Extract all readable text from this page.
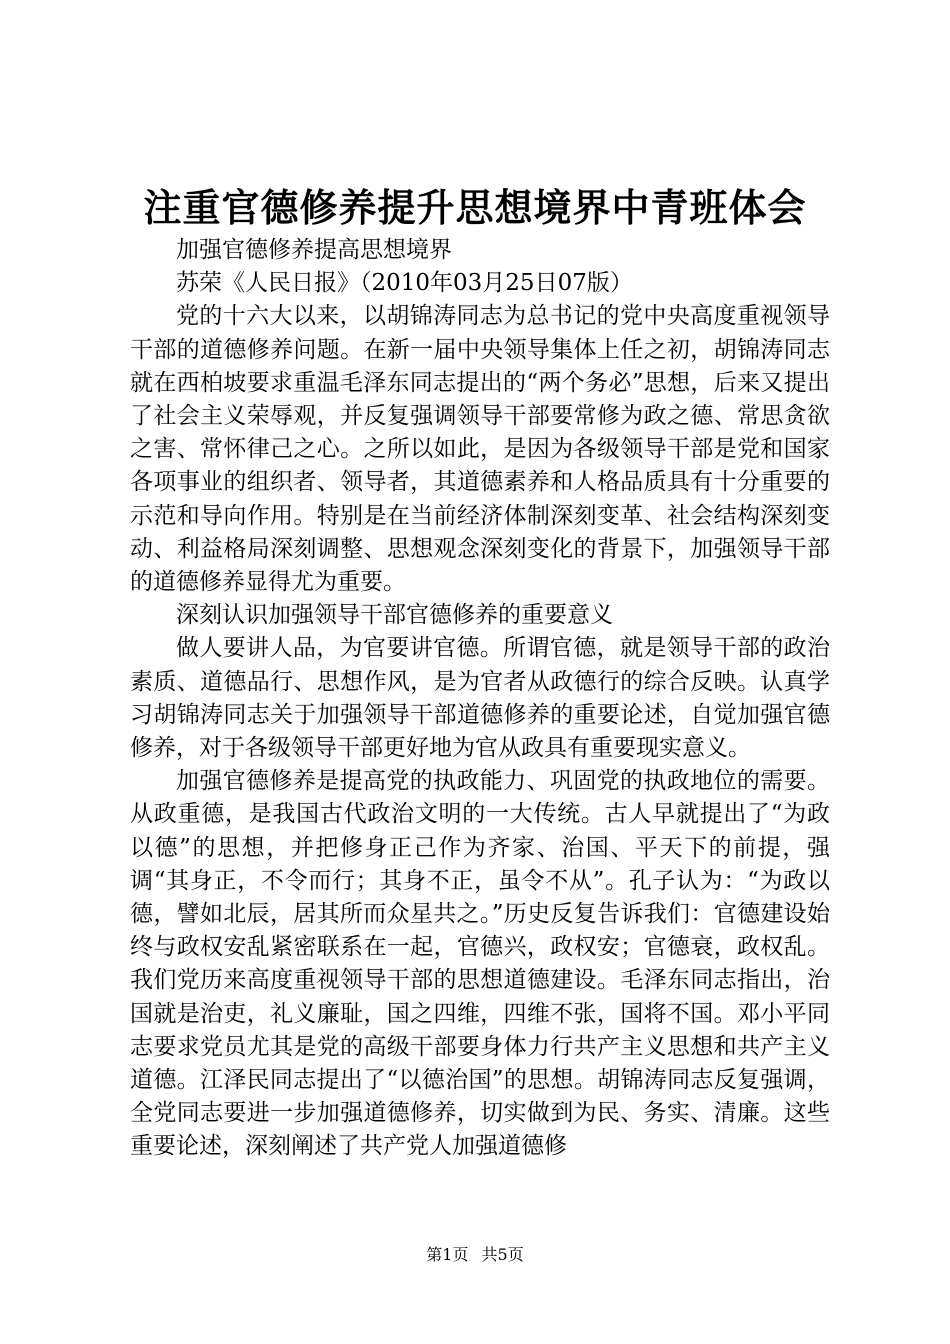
注重官德修养提升思想境界中青班体会

加强官德修养提高思想境界

苏荣《人民日报》（2010年03月25日07版）

党的十六大以来，以胡锦涛同志为总书记的党中央高度重视领导干部的道德修养问题。在新一届中央领导集体上任之初，胡锦涛同志就在西柏坡要求重温毛泽东同志提出的“两个务必”思想，后来又提出了社会主义荣辱观，并反复强调领导干部要常修为政之德、常思贪欲之害、常怀律己之心。之所以如此，是因为各级领导干部是党和国家各项事业的组织者、领导者，其道德素养和人格品质具有十分重要的示范和导向作用。特别是在当前经济体制深刻变革、社会结构深刻变动、利益格局深刻调整、思想观念深刻变化的背景下，加强领导干部的道德修养显得尤为重要。

深刻认识加强领导干部官德修养的重要意义

做人要讲人品，为官要讲官德。所谓官德，就是领导干部的政治素质、道德品行、思想作风，是为官者从政德行的综合反映。认真学习胡锦涛同志关于加强领导干部道德修养的重要论述，自觉加强官德修养，对于各级领导干部更好地为官从政具有重要现实意义。

加强官德修养是提高党的执政能力、巩固党的执政地位的需要。从政重德，是我国古代政治文明的一大传统。古人早就提出了“为政以德”的思想，并把修身正己作为齐家、治国、平天下的前提，强调“其身正，不令而行；其身不正，虽令不从”。孔子认为：“为政以德，譬如北辰，居其所而众星共之。”历史反复告诉我们：官德建设始终与政权安乱紧密联系在一起，官德兴，政权安；官德衰，政权乱。我们党历来高度重视领导干部的思想道德建设。毛泽东同志指出，治国就是治吏，礼义廉耻，国之四维，四维不张，国将不国。邓小平同志要求党员尤其是党的高级干部要身体力行共产主义思想和共产主义道德。江泽民同志提出了“以德治国”的思想。胡锦涛同志反复强调，全党同志要进一步加强道德修养，切实做到为民、务实、清廉。这些重要论述，深刻阐述了共产党人加强道德修

第1页 共5页
